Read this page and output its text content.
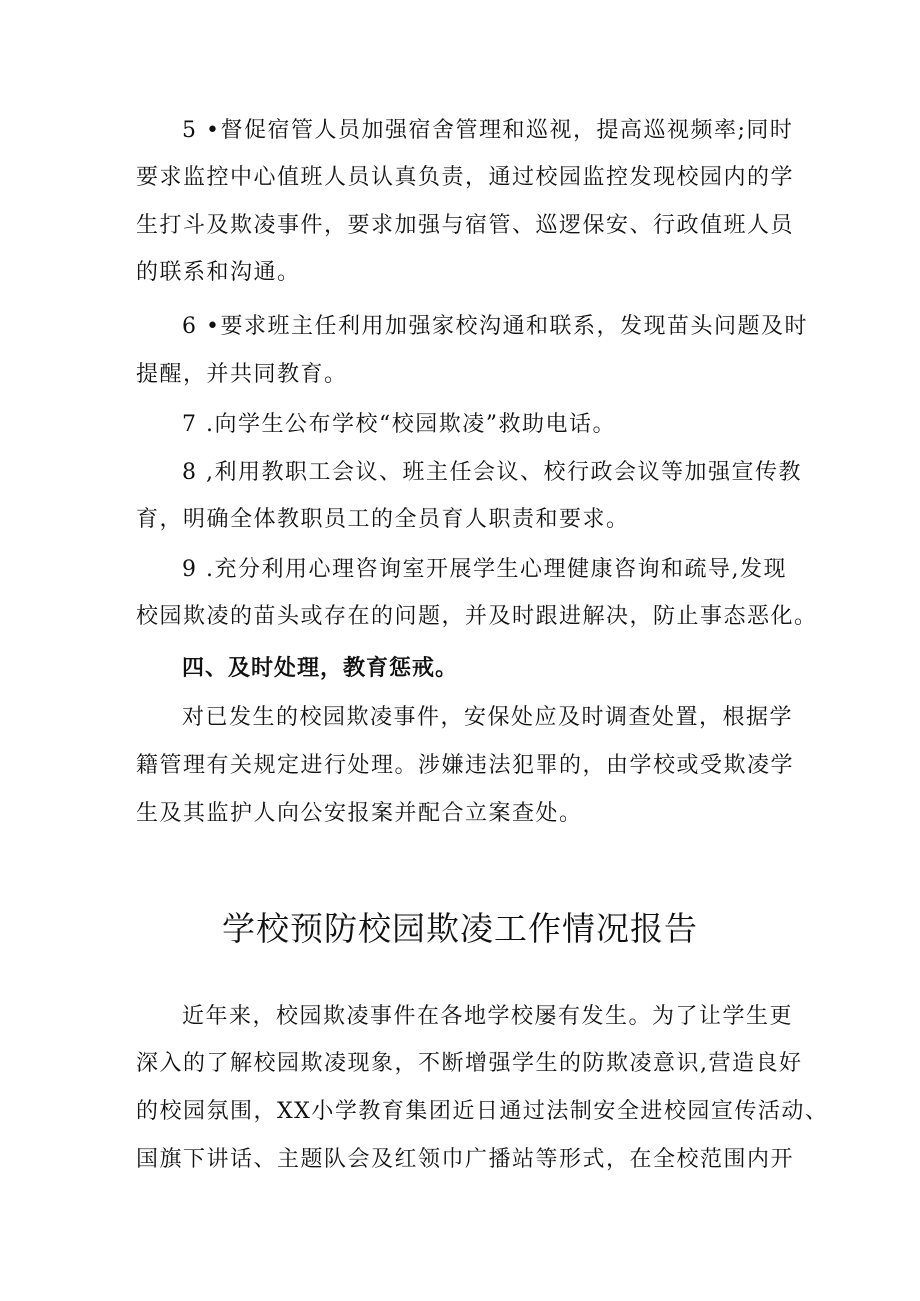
5 •督促宿管人员加强宿舍管理和巡视，提高巡视频率;同时
要求监控中心值班人员认真负责，通过校园监控发现校园内的学
生打斗及欺凌事件，要求加强与宿管、巡逻保安、行政值班人员
的联系和沟通。
6 •要求班主任利用加强家校沟通和联系，发现苗头问题及时
提醒，并共同教育。
7 .向学生公布学校“校园欺凌”救助电话。
8 ,利用教职工会议、班主任会议、校行政会议等加强宣传教
育，明确全体教职员工的全员育人职责和要求。
9 .充分利用心理咨询室开展学生心理健康咨询和疏导,发现
校园欺凌的苗头或存在的问题，并及时跟进解决，防止事态恶化。
四、及时处理，教育惩戒。
对已发生的校园欺凌事件，安保处应及时调查处置，根据学
籍管理有关规定进行处理。涉嫌违法犯罪的，由学校或受欺凌学
生及其监护人向公安报案并配合立案查处。
学校预防校园欺凌工作情况报告
近年来，校园欺凌事件在各地学校屡有发生。为了让学生更
深入的了解校园欺凌现象，不断增强学生的防欺凌意识,营造良好
的校园氛围，XX小学教育集团近日通过法制安全进校园宣传活动、
国旗下讲话、主题队会及红领巾广播站等形式，在全校范围内开
